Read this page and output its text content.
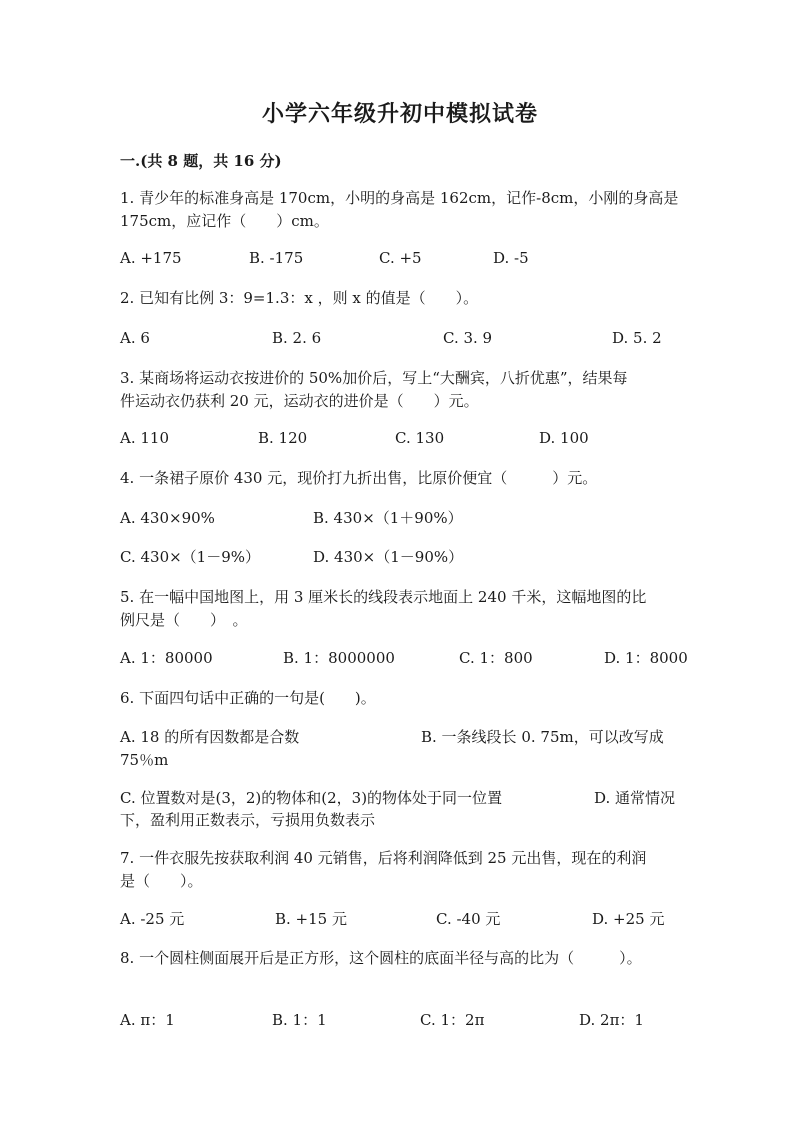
小学六年级升初中模拟试卷
一.(共 8 题，共 16 分)
1. 青少年的标准身高是 170cm，小明的身高是 162cm，记作-8cm，小刚的身高是
175cm，应记作（　　）cm。
A. +175	B. -175	C. +5	D. -5
2. 已知有比例 3：9=1.3：x ，则 x 的值是（　　）。
A. 6	B. 2. 6	C. 3. 9	D. 5. 2
3. 某商场将运动衣按进价的 50%加价后，写上“大酬宾，八折优惠”，结果每
件运动衣仍获利 20 元，运动衣的进价是（　　）元。
A. 110	B. 120	C. 130	D. 100
4. 一条裙子原价 430 元，现价打九折出售，比原价便宜（　　　）元。
A. 430×90%	B. 430×（1＋90%）
C. 430×（1－9%）	D. 430×（1－90%）
5. 在一幅中国地图上，用 3 厘米长的线段表示地面上 240 千米，这幅地图的比
例尺是（　　）　。
A. 1：80000	B. 1：8000000	C. 1：800	D. 1：8000
6. 下面四句话中正确的一句是(　　)。
A. 18 的所有因数都是合数	B. 一条线段长 0. 75m，可以改写成
75％m
C. 位置数对是(3，2)的物体和(2，3)的物体处于同一位置	D. 通常情况
下，盈利用正数表示，亏损用负数表示
7. 一件衣服先按获取利润 40 元销售，后将利润降低到 25 元出售，现在的利润
是（　　）。
A. -25 元	B. +15 元	C. -40 元	D. +25 元
8. 一个圆柱侧面展开后是正方形，这个圆柱的底面半径与高的比为（　　　）。
A. π：1	B. 1：1	C. 1：2π	D. 2π：1
